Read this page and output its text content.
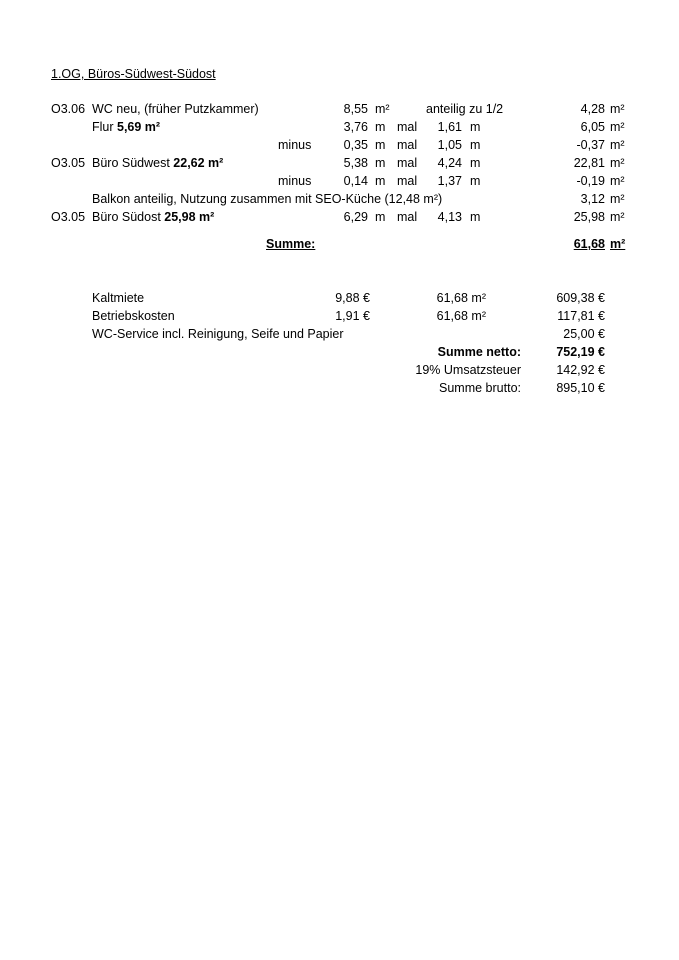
1.OG, Büros-Südwest-Südost
O3.06 WC neu, (früher Putzkammer)	8,55 m²	anteilig zu 1/2	4,28 m²
Flur 5,69 m²	3,76 m mal	1,61 m	6,05 m²
minus	0,35 m mal	1,05 m	-0,37 m²
O3.05 Büro Südwest 22,62 m²	5,38 m mal	4,24 m	22,81 m²
minus	0,14 m mal	1,37 m	-0,19 m²
Balkon anteilig, Nutzung zusammen mit SEO-Küche (12,48 m²)	3,12 m²
O3.05 Büro Südost 25,98 m²	6,29 m mal	4,13 m	25,98 m²
Summe:	61,68 m²
Kaltmiete	9,88 €	61,68 m²	609,38 €
Betriebskosten	1,91 €	61,68 m²	117,81 €
WC-Service incl. Reinigung, Seife und Papier	25,00 €
Summe netto:	752,19 €
19% Umsatzsteuer	142,92 €
Summe brutto:	895,10 €
